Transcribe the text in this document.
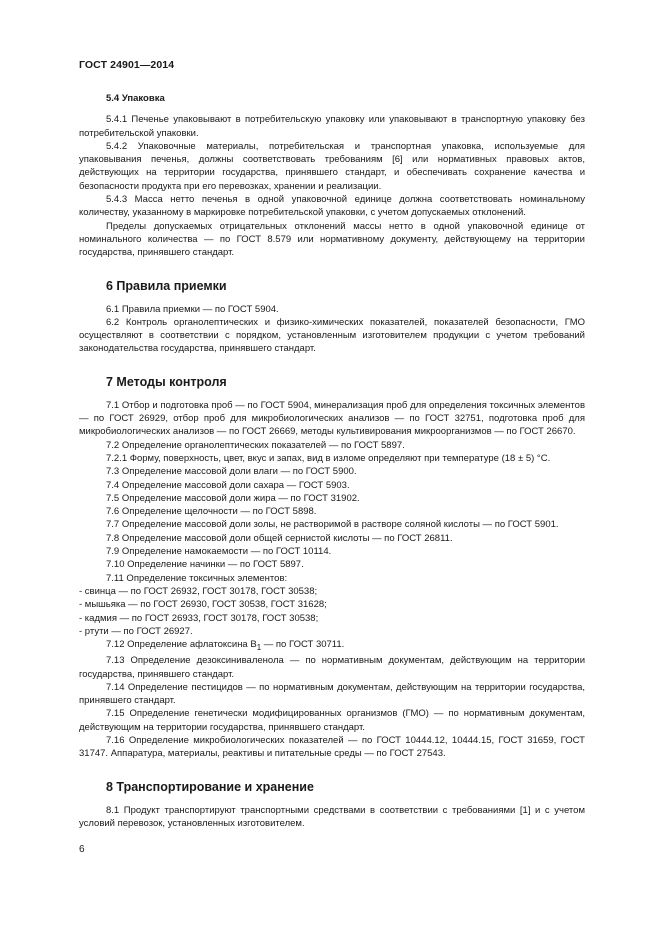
ГОСТ 24901—2014
5.4 Упаковка

5.4.1 Печенье упаковывают в потребительскую упаковку или упаковывают в транспортную упаковку без потребительской упаковки.

5.4.2 Упаковочные материалы, потребительская и транспортная упаковка, используемые для упаковывания печенья, должны соответствовать требованиям [6] или нормативных правовых актов, действующих на территории государства, принявшего стандарт, и обеспечивать сохранение качества и безопасности продукта при его перевозках, хранении и реализации.

5.4.3 Масса нетто печенья в одной упаковочной единице должна соответствовать номинальному количеству, указанному в маркировке потребительской упаковки, с учетом допускаемых отклонений.

Пределы допускаемых отрицательных отклонений массы нетто в одной упаковочной единице от номинального количества — по ГОСТ 8.579 или нормативному документу, действующему на территории государства, принявшего стандарт.

6 Правила приемки

6.1 Правила приемки — по ГОСТ 5904.

6.2 Контроль органолептических и физико-химических показателей, показателей безопасности, ГМО осуществляют в соответствии с порядком, установленным изготовителем продукции с учетом требований законодательства государства, принявшего стандарт.

7 Методы контроля

7.1 Отбор и подготовка проб — по ГОСТ 5904, минерализация проб для определения токсичных элементов — по ГОСТ 26929, отбор проб для микробиологических анализов — по ГОСТ 32751, подготовка проб для микробиологических анализов — по ГОСТ 26669, методы культивирования микроорганизмов — по ГОСТ 26670.

7.2 Определение органолептических показателей — по ГОСТ 5897.

7.2.1 Форму, поверхность, цвет, вкус и запах, вид в изломе определяют при температуре (18 ± 5) °С.

7.3 Определение массовой доли влаги — по ГОСТ 5900.

7.4 Определение массовой доли сахара — ГОСТ 5903.

7.5 Определение массовой доли жира — по ГОСТ 31902.

7.6 Определение щелочности — по ГОСТ 5898.

7.7 Определение массовой доли золы, не растворимой в растворе соляной кислоты — по ГОСТ 5901.

7.8 Определение массовой доли общей сернистой кислоты — по ГОСТ 26811.

7.9 Определение намокаемости — по ГОСТ 10114.

7.10 Определение начинки — по ГОСТ 5897.

7.11 Определение токсичных элементов:

- свинца — по ГОСТ 26932, ГОСТ 30178, ГОСТ 30538;
- мышьяка — по ГОСТ 26930, ГОСТ 30538, ГОСТ 31628;
- кадмия — по ГОСТ 26933, ГОСТ 30178, ГОСТ 30538;
- ртути — по ГОСТ 26927.

7.12 Определение афлатоксина $В_1$ — по ГОСТ 30711.

7.13 Определение дезоксиниваленола — по нормативным документам, действующим на территории государства, принявшего стандарт.

7.14 Определение пестицидов — по нормативным документам, действующим на территории государства, принявшего стандарт.

7.15 Определение генетически модифицированных организмов (ГМО) — по нормативным документам, действующим на территории государства, принявшего стандарт.

7.16 Определение микробиологических показателей — по ГОСТ 10444.12, 10444.15, ГОСТ 31659, ГОСТ 31747. Аппаратура, материалы, реактивы и питательные среды — по ГОСТ 27543.

8 Транспортирование и хранение

8.1 Продукт транспортируют транспортными средствами в соответствии с требованиями [1] и с учетом условий перевозок, установленных изготовителем.

6
